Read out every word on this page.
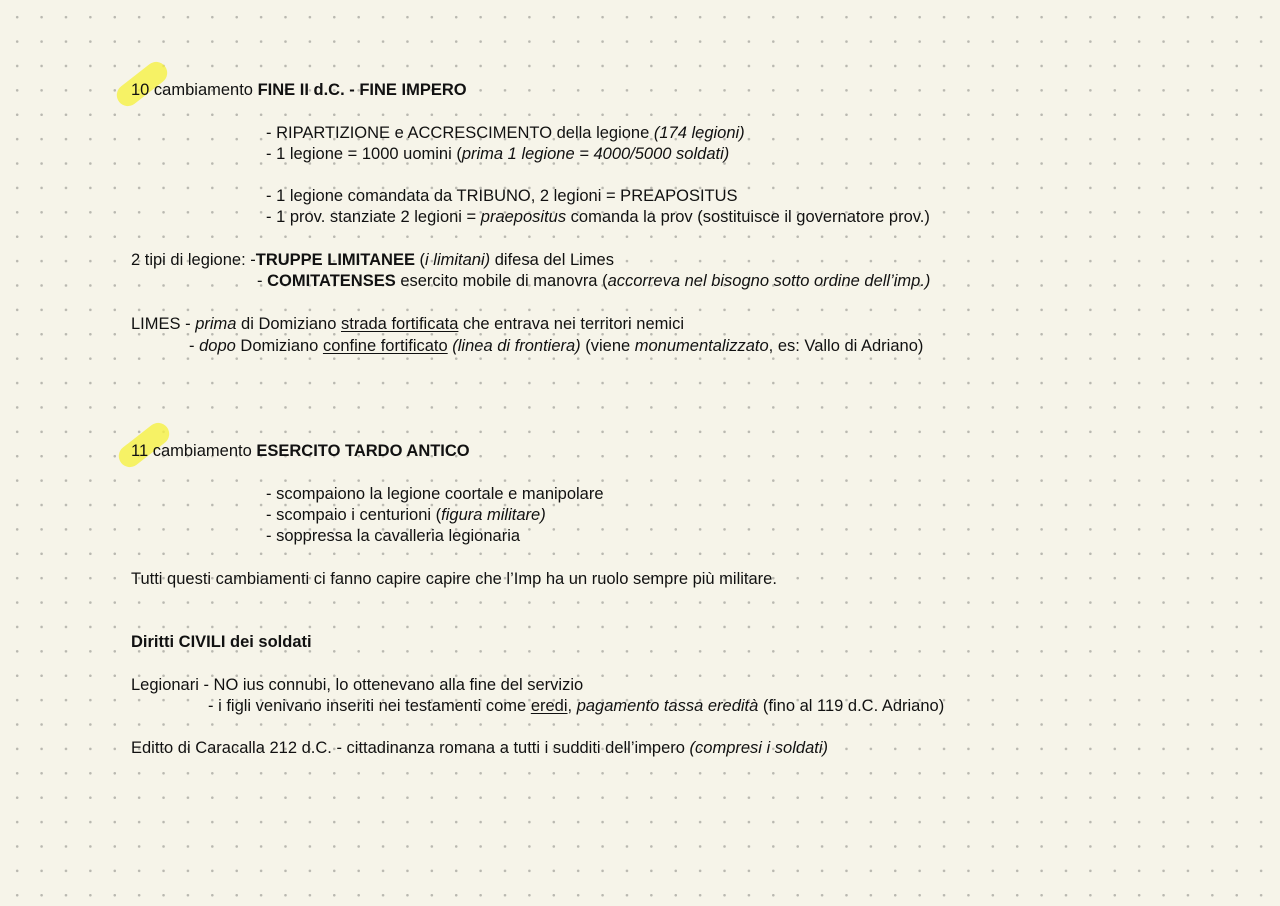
10 cambiamento FINE II d.C. - FINE IMPERO

- RIPARTIZIONE e ACCRESCIMENTO della legione (174 legioni)

- 1 legione = 1000 uomini (prima 1 legione = 4000/5000 soldati)

- 1 legione comandata da TRIBUNO, 2 legioni = PREAPOSITUS

- 1 prov. stanziate 2 legioni = praepositus comanda la prov (sostituisce il governatore prov.)

2 tipi di legione: -TRUPPE LIMITANEE (i limitani) difesa del Limes

- COMITATENSES esercito mobile di manovra (accorreva nel bisogno sotto ordine dell’imp.)

LIMES - prima di Domiziano strada fortificata che entrava nei territori nemici

- dopo Domiziano confine fortificato (linea di frontiera) (viene monumentalizzato, es: Vallo di Adriano)

11 cambiamento ESERCITO TARDO ANTICO

- scompaiono la legione coortale e manipolare

- scompaio i centurioni (figura militare)

- soppressa la cavalleria legionaria

Tutti questi cambiamenti ci fanno capire capire che l’Imp ha un ruolo sempre più militare.

Diritti CIVILI dei soldati

Legionari - NO ius connubi, lo ottenevano alla fine del servizio

- i figli venivano inseriti nei testamenti come eredi, pagamento tassa eredità (fino al 119 d.C. Adriano)

Editto di Caracalla 212 d.C. - cittadinanza romana a tutti i sudditi dell’impero (compresi i soldati)
